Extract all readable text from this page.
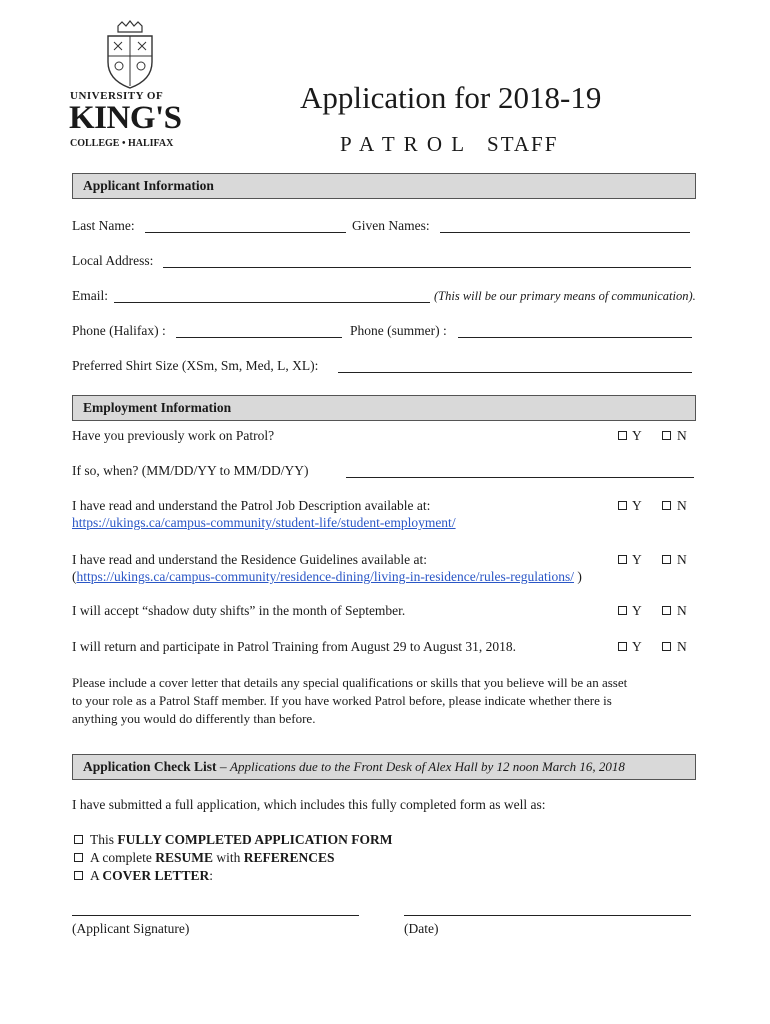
UNIVERSITY OF
KING'S
COLLEGE • HALIFAX
Application for 2018-19
P A T R O L   STAFF
Applicant Information
Last Name:	Given Names:
Local Address:
Email:	(This will be our primary means of communication).
Phone (Halifax) :	Phone (summer) :
Preferred Shirt Size (XSm, Sm, Med, L, XL):
Employment Information
Have you previously work on Patrol?	Y	N
If so, when? (MM/DD/YY to MM/DD/YY)
I have read and understand the Patrol Job Description available at:
https://ukings.ca/campus-community/student-life/student-employment/
Y	N
I have read and understand the Residence Guidelines available at:
(https://ukings.ca/campus-community/residence-dining/living-in-residence/rules-regulations/ )
Y	N
I will accept “shadow duty shifts” in the month of September.	Y	N
I will return and participate in Patrol Training from August 29 to August 31, 2018.	Y	N
Please include a cover letter that details any special qualifications or skills that you believe will be an asset
to your role as a Patrol Staff member. If you have worked Patrol before, please indicate whether there is
anything you would do differently than before.
Application Check List – Applications due to the Front Desk of Alex Hall by 12 noon March 16, 2018
I have submitted a full application, which includes this fully completed form as well as:
This FULLY COMPLETED APPLICATION FORM
A complete RESUME with REFERENCES
A COVER LETTER:
(Applicant Signature)	(Date)
